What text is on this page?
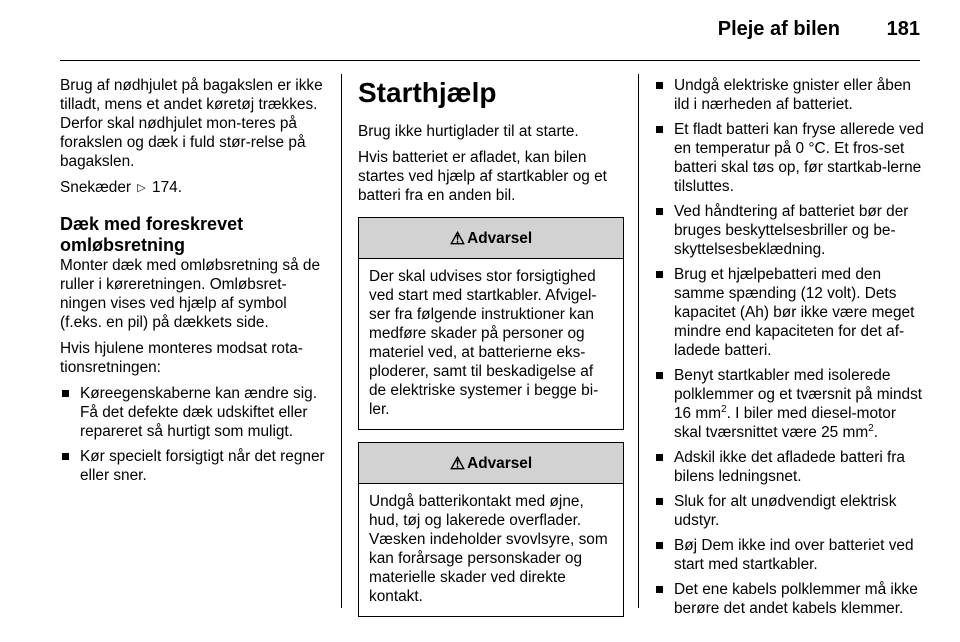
Pleje af bilen 181

Brug af nødhjulet på bagakslen er ikke tilladt, mens et andet køretøj trækkes. Derfor skal nødhjulet mon-teres på forakslen og dæk i fuld stør-relse på bagakslen.

Snekæder ▷ 174.

Dæk med foreskrevet omløbsretning

Monter dæk med omløbsretning så de ruller i køreretningen. Omløbsret-ningen vises ved hjælp af symbol (f.eks. en pil) på dækkets side.

Hvis hjulene monteres modsat rota-tionsretningen:

Køreegenskaberne kan ændre sig. Få det defekte dæk udskiftet eller repareret så hurtigt som muligt.
Kør specielt forsigtigt når det regner eller sner.
Starthjælp

Brug ikke hurtiglader til at starte.

Hvis batteriet er afladet, kan bilen startes ved hjælp af startkabler og et batteri fra en anden bil.

⚠ Advarsel
Der skal udvises stor forsigtighed ved start med startkabler. Afvigel-ser fra følgende instruktioner kan medføre skader på personer og materiel ved, at batterierne eks-ploderer, samt til beskadigelse af de elektriske systemer i begge bi-ler.
⚠ Advarsel
Undgå batterikontakt med øjne, hud, tøj og lakerede overflader. Væsken indeholder svovlsyre, som kan forårsage personskader og materielle skader ved direkte kontakt.
Undgå elektriske gnister eller åben ild i nærheden af batteriet.
Et fladt batteri kan fryse allerede ved en temperatur på 0 °C. Et fros-set batteri skal tøs op, før startkab-lerne tilsluttes.
Ved håndtering af batteriet bør der bruges beskyttelsesbriller og be-skyttelsesbeklædning.
Brug et hjælpebatteri med den samme spænding (12 volt). Dets kapacitet (Ah) bør ikke være meget mindre end kapaciteten for det af-ladede batteri.
Benyt startkabler med isolerede polklemmer og et tværsnit på mindst 16 $mm^2$. I biler med diesel-motor skal tværsnittet være 25 $mm^2$.
Adskil ikke det afladede batteri fra bilens ledningsnet.
Sluk for alt unødvendigt elektrisk udstyr.
Bøj Dem ikke ind over batteriet ved start med startkabler.
Det ene kabels polklemmer må ikke berøre det andet kabels klemmer.
